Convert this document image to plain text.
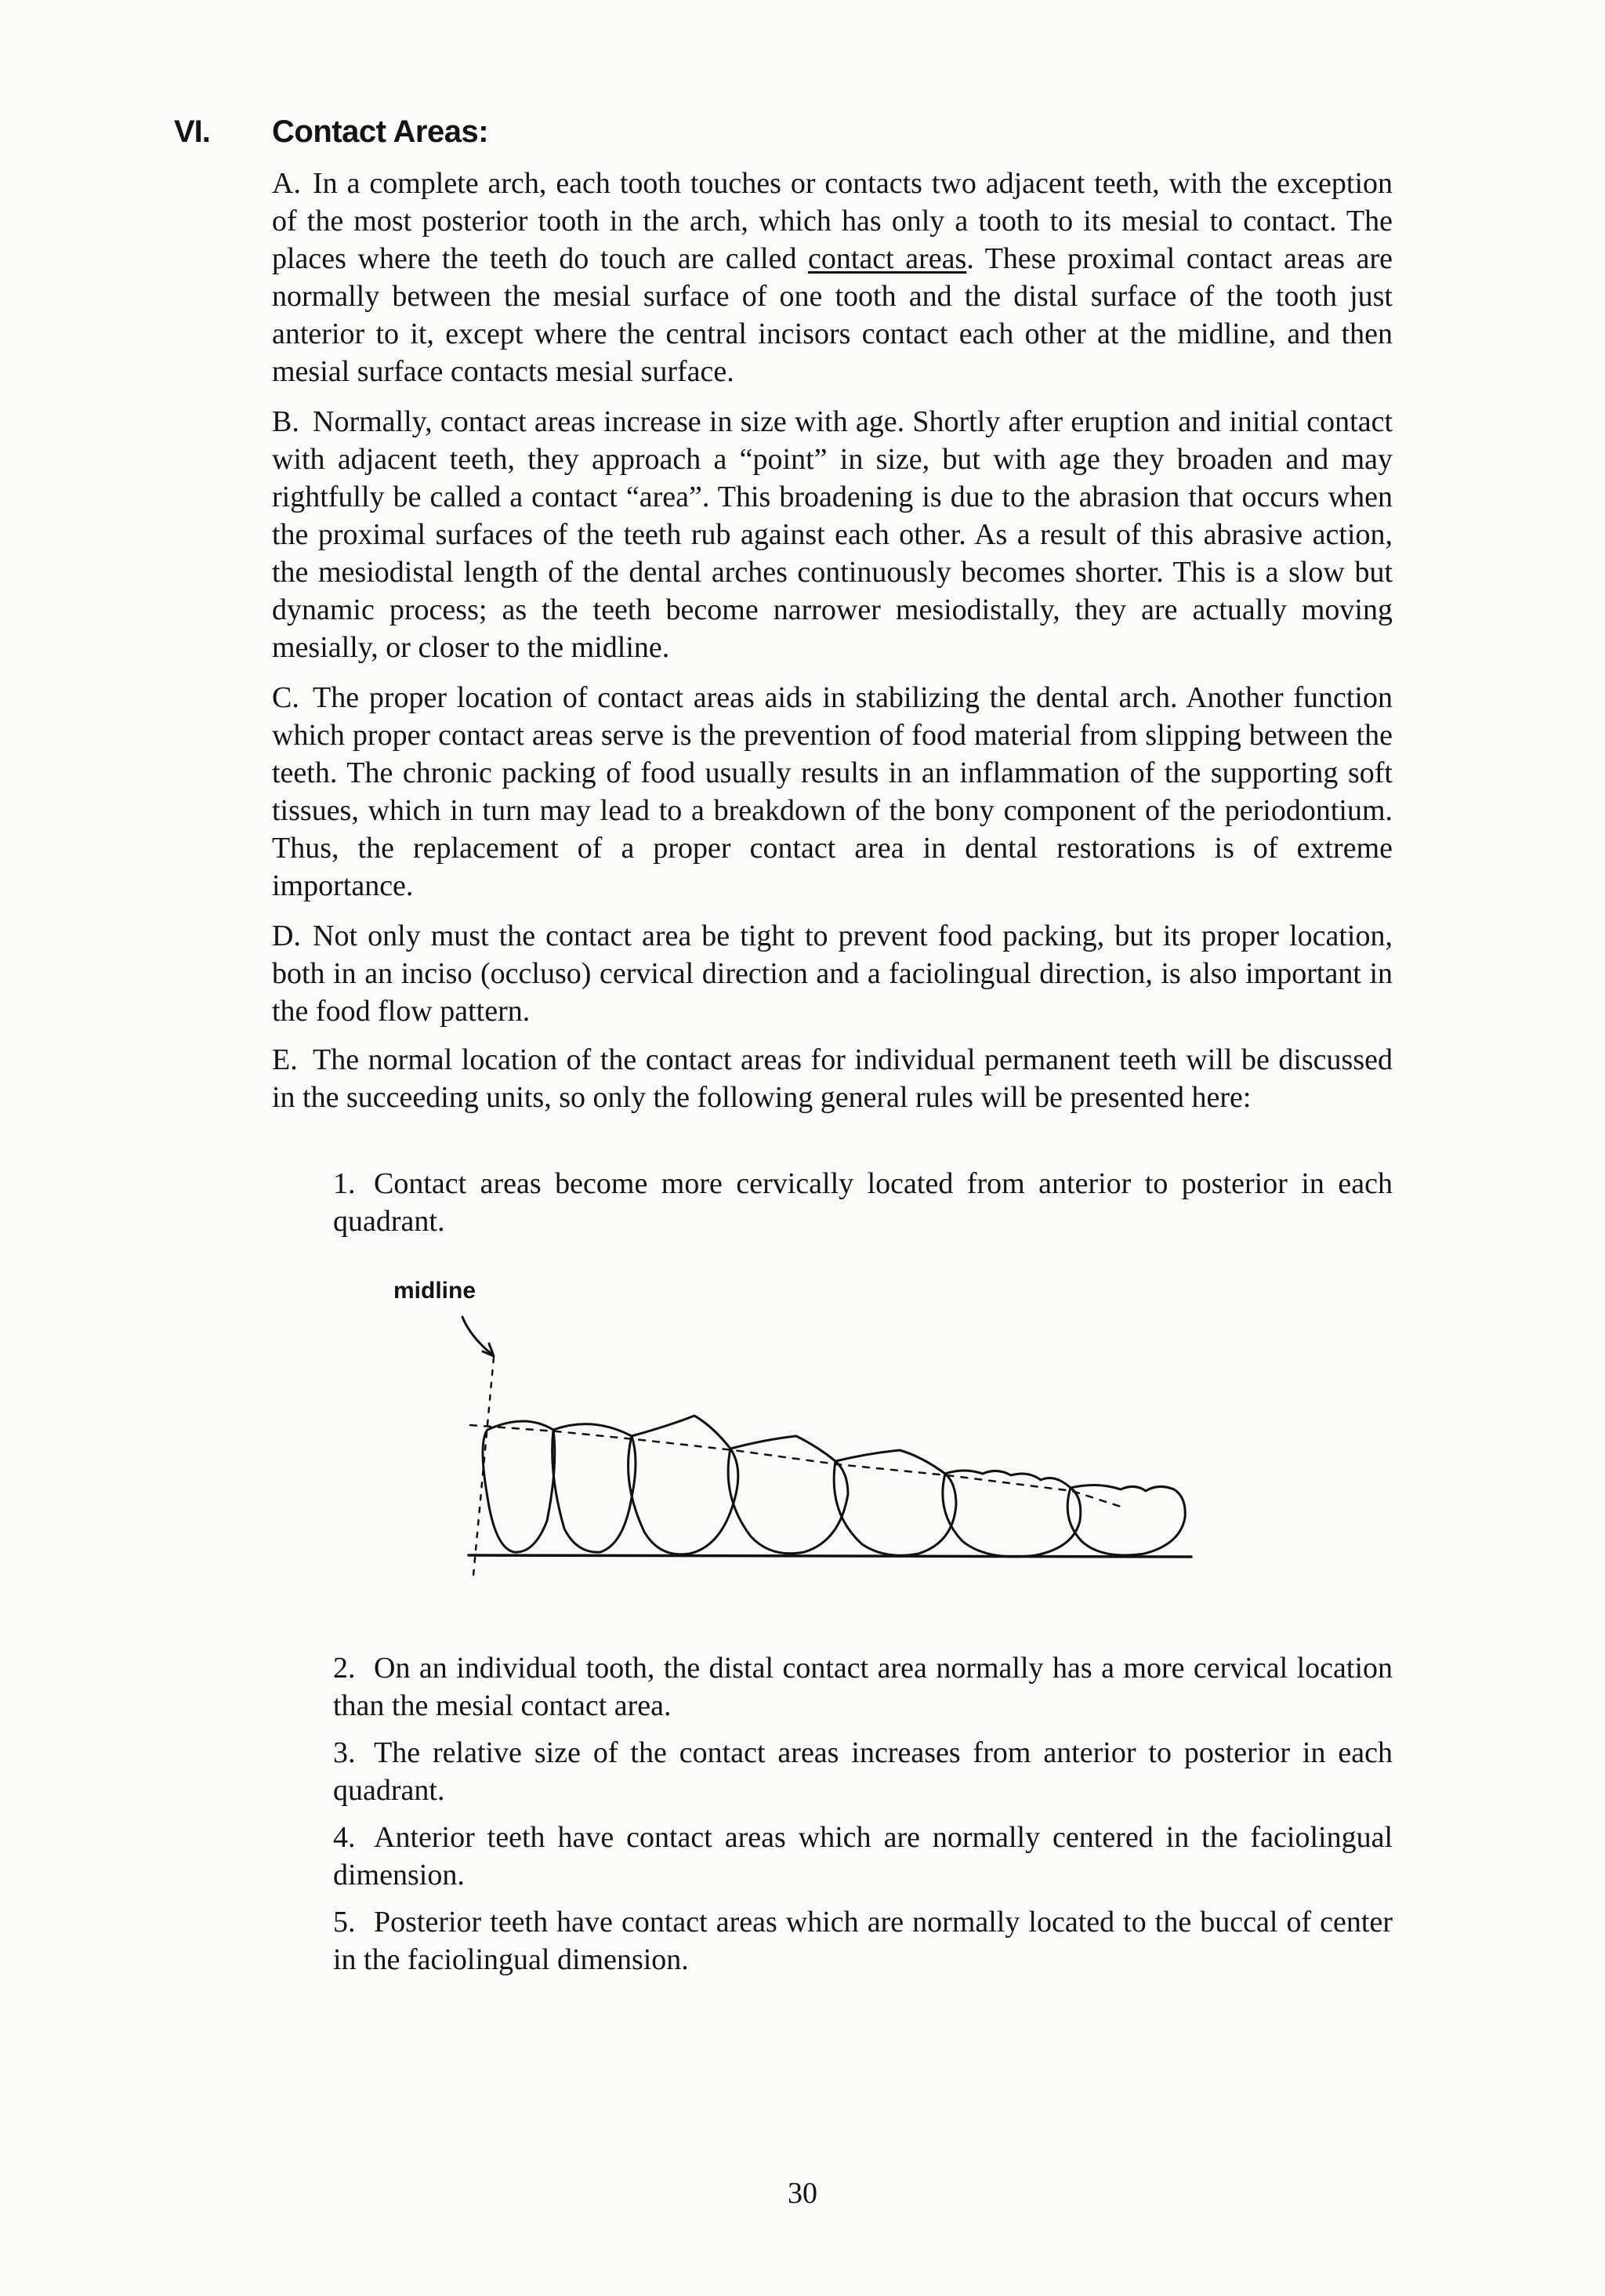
VI. Contact Areas:

A. In a complete arch, each tooth touches or contacts two adjacent teeth, with the exception of the most posterior tooth in the arch, which has only a tooth to its mesial to contact. The places where the teeth do touch are called contact areas. These proximal contact areas are normally between the mesial surface of one tooth and the distal surface of the tooth just anterior to it, except where the central incisors contact each other at the midline, and then mesial surface contacts mesial surface.

B. Normally, contact areas increase in size with age. Shortly after eruption and initial contact with adjacent teeth, they approach a “point” in size, but with age they broaden and may rightfully be called a contact “area”. This broadening is due to the abrasion that occurs when the proximal surfaces of the teeth rub against each other. As a result of this abrasive action, the mesiodistal length of the dental arches continuously becomes shorter. This is a slow but dynamic process; as the teeth become narrower mesiodistally, they are actually moving mesially, or closer to the midline.

C. The proper location of contact areas aids in stabilizing the dental arch. Another function which proper contact areas serve is the prevention of food material from slipping between the teeth. The chronic packing of food usually results in an inflammation of the supporting soft tissues, which in turn may lead to a breakdown of the bony component of the periodontium. Thus, the replacement of a proper contact area in dental restorations is of extreme importance.

D. Not only must the contact area be tight to prevent food packing, but its proper location, both in an inciso (occluso) cervical direction and a faciolingual direction, is also important in the food flow pattern.

E. The normal location of the contact areas for individual permanent teeth will be discussed in the succeeding units, so only the following general rules will be presented here:

1. Contact areas become more cervically located from anterior to posterior in each quadrant.

midline

2. On an individual tooth, the distal contact area normally has a more cervical location than the mesial contact area.

3. The relative size of the contact areas increases from anterior to posterior in each quadrant.

4. Anterior teeth have contact areas which are normally centered in the faciolingual dimension.

5. Posterior teeth have contact areas which are normally located to the buccal of center in the faciolingual dimension.

30
